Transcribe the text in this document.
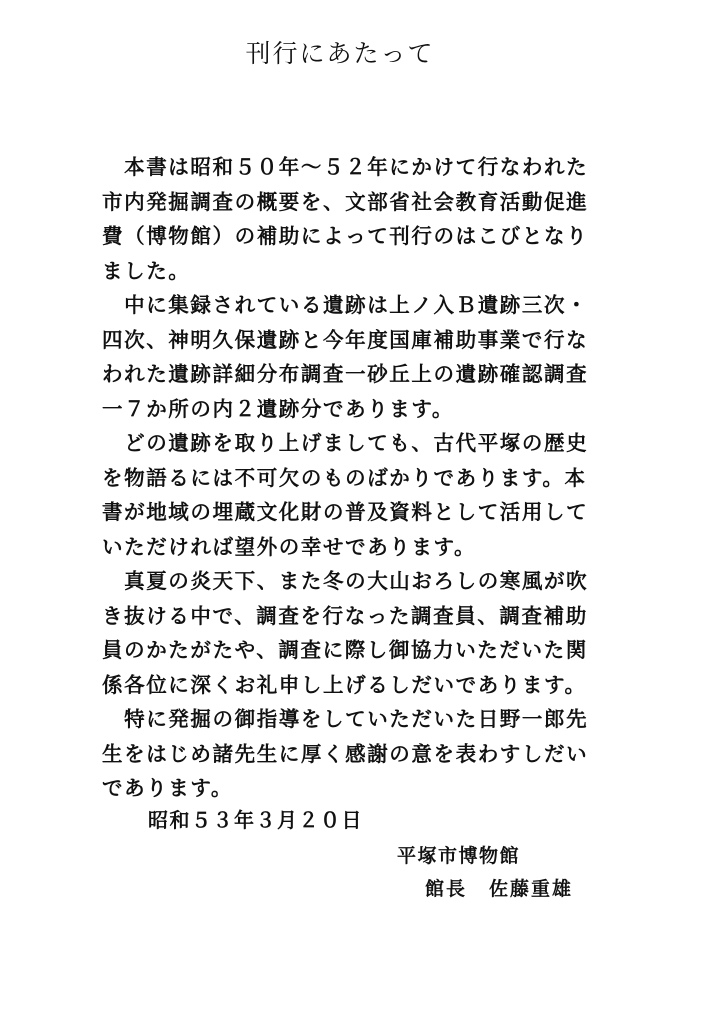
刊行にあたって
　本書は昭和５０年～５２年にかけて行なわれた
市内発掘調査の概要を、文部省社会教育活動促進
費（博物館）の補助によって刊行のはこびとなり
ました。
　中に集録されている遺跡は上ノ入Ｂ遺跡三次・
四次、神明久保遺跡と今年度国庫補助事業で行な
われた遺跡詳細分布調査一砂丘上の遺跡確認調査
一７か所の内２遺跡分であります。
　どの遺跡を取り上げましても、古代平塚の歴史
を物語るには不可欠のものばかりであります。本
書が地域の埋蔵文化財の普及資料として活用して
いただければ望外の幸せであります。
　真夏の炎天下、また冬の大山おろしの寒風が吹
き抜ける中で、調査を行なった調査員、調査補助
員のかたがたや、調査に際し御協力いただいた関
係各位に深くお礼申し上げるしだいであります。
　特に発掘の御指導をしていただいた日野一郎先
生をはじめ諸先生に厚く感謝の意を表わすしだい
であります。
昭和５３年３月２０日
平塚市博物館
館長 佐藤重雄
